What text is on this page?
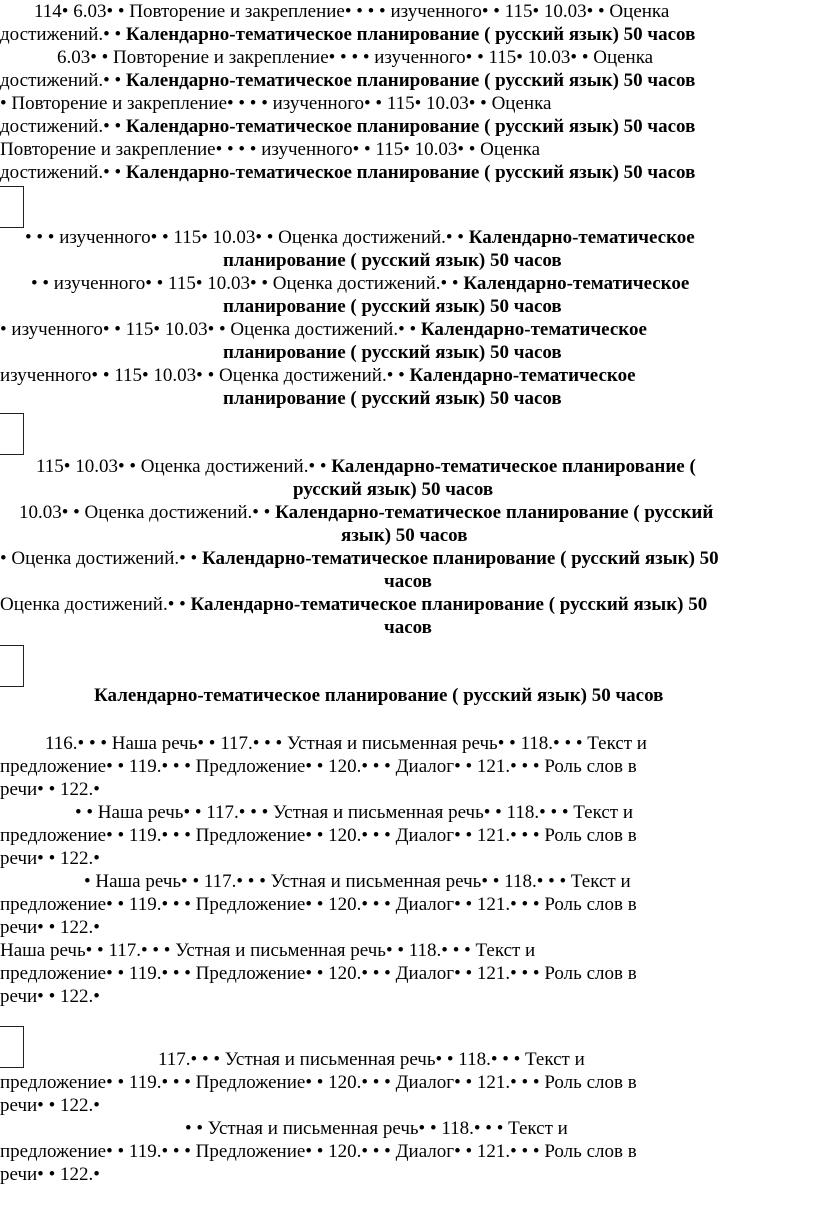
114• 6.03• • Повторение и закрепление• • • • изученного• • 115• 10.03• • Оценка
достижений.• • Календарно-тематическое планирование ( русский язык) 50 часов
6.03• • Повторение и закрепление• • • • изученного• • 115• 10.03• • Оценка
достижений.• • Календарно-тематическое планирование ( русский язык) 50 часов
• Повторение и закрепление• • • • изученного• • 115• 10.03• • Оценка
достижений.• • Календарно-тематическое планирование ( русский язык) 50 часов
Повторение и закрепление• • • • изученного• • 115• 10.03• • Оценка
достижений.• • Календарно-тематическое планирование ( русский язык) 50 часов
• • • изученного• • 115• 10.03• • Оценка достижений.• • Календарно-тематическое
планирование ( русский язык) 50 часов
• • изученного• • 115• 10.03• • Оценка достижений.• • Календарно-тематическое
планирование ( русский язык) 50 часов
• изученного• • 115• 10.03• • Оценка достижений.• • Календарно-тематическое
планирование ( русский язык) 50 часов
изученного• • 115• 10.03• • Оценка достижений.• • Календарно-тематическое
планирование ( русский язык) 50 часов
115• 10.03• • Оценка достижений.• • Календарно-тематическое планирование (
русский язык) 50 часов
10.03• • Оценка достижений.• • Календарно-тематическое планирование ( русский
язык) 50 часов
• Оценка достижений.• • Календарно-тематическое планирование ( русский язык) 50
часов
Оценка достижений.• • Календарно-тематическое планирование ( русский язык) 50
часов
Календарно-тематическое планирование ( русский язык) 50 часов
116.• • • Наша речь• • 117.• • • Устная и письменная речь• • 118.• • • Текст и
предложение• • 119.• • • Предложение• • 120.• • • Диалог• • 121.• • • Роль слов в
речи• • 122.•
• • Наша речь• • 117.• • • Устная и письменная речь• • 118.• • • Текст и
предложение• • 119.• • • Предложение• • 120.• • • Диалог• • 121.• • • Роль слов в
речи• • 122.•
• Наша речь• • 117.• • • Устная и письменная речь• • 118.• • • Текст и
предложение• • 119.• • • Предложение• • 120.• • • Диалог• • 121.• • • Роль слов в
речи• • 122.•
Наша речь• • 117.• • • Устная и письменная речь• • 118.• • • Текст и
предложение• • 119.• • • Предложение• • 120.• • • Диалог• • 121.• • • Роль слов в
речи• • 122.•
117.• • • Устная и письменная речь• • 118.• • • Текст и
предложение• • 119.• • • Предложение• • 120.• • • Диалог• • 121.• • • Роль слов в
речи• • 122.•
• • Устная и письменная речь• • 118.• • • Текст и
предложение• • 119.• • • Предложение• • 120.• • • Диалог• • 121.• • • Роль слов в
речи• • 122.•
